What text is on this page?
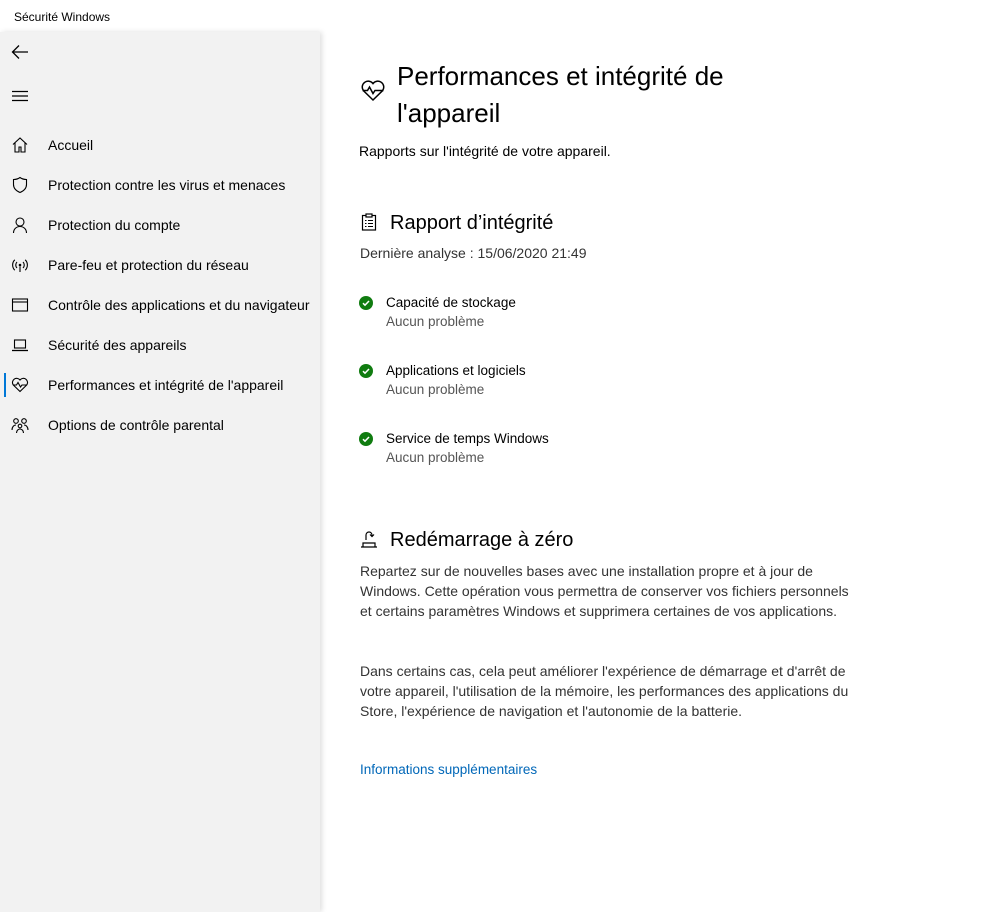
Sécurité Windows
Accueil
Protection contre les virus et menaces
Protection du compte
Pare-feu et protection du réseau
Contrôle des applications et du navigateur
Sécurité des appareils
Performances et intégrité de l'appareil
Options de contrôle parental
Performances et intégrité de l'appareil
Rapports sur l'intégrité de votre appareil.
Rapport d’intégrité
Dernière analyse : 15/06/2020 21:49
Capacité de stockage
Aucun problème
Applications et logiciels
Aucun problème
Service de temps Windows
Aucun problème
Redémarrage à zéro
Repartez sur de nouvelles bases avec une installation propre et à jour de Windows. Cette opération vous permettra de conserver vos fichiers personnels et certains paramètres Windows et supprimera certaines de vos applications.
Dans certains cas, cela peut améliorer l'expérience de démarrage et d'arrêt de votre appareil, l'utilisation de la mémoire, les performances des applications du Store, l'expérience de navigation et l'autonomie de la batterie.
Informations supplémentaires
